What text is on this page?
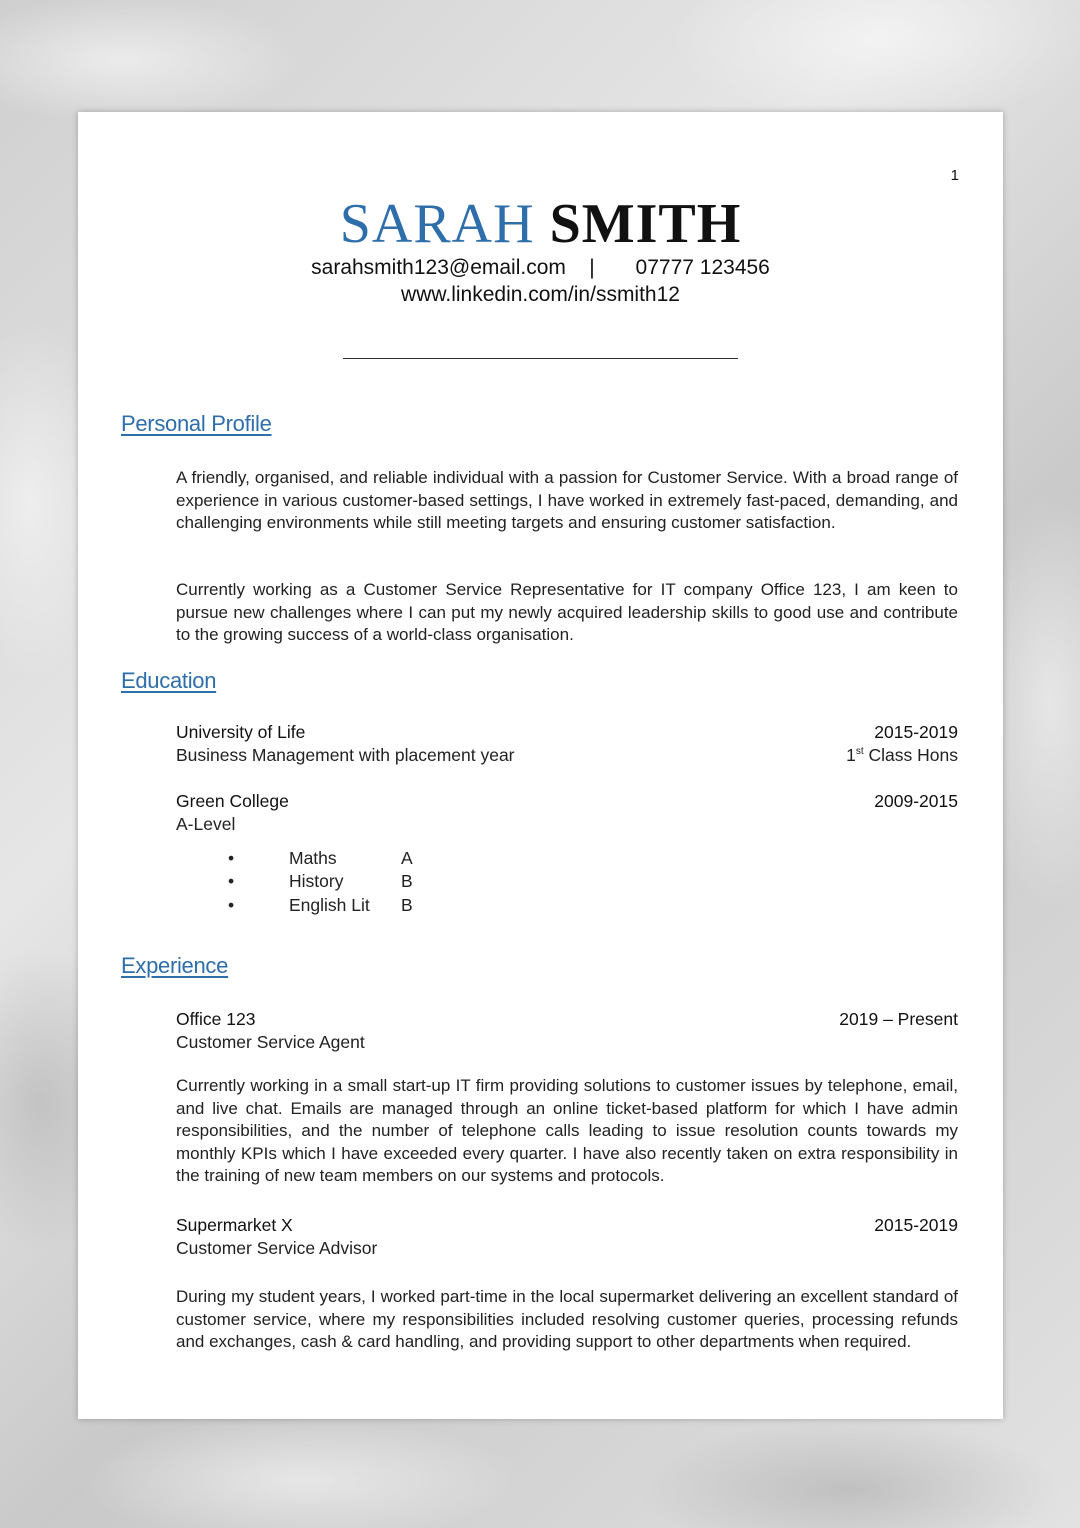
1
SARAH SMITH
sarahsmith123@email.com | 07777 123456
www.linkedin.com/in/ssmith12
Personal Profile

A friendly, organised, and reliable individual with a passion for Customer Service. With a broad range of experience in various customer-based settings, I have worked in extremely fast-paced, demanding, and challenging environments while still meeting targets and ensuring customer satisfaction.

Currently working as a Customer Service Representative for IT company Office 123, I am keen to pursue new challenges where I can put my newly acquired leadership skills to good use and contribute to the growing success of a world-class organisation.

Education
University of Life	2015-2019
Business Management with placement year	1st Class Hons
Green College	2009-2015
A-Level
•	Maths	A
•	History	B
•	English Lit B
Experience
Office 123	2019 – Present
Customer Service Agent

Currently working in a small start-up IT firm providing solutions to customer issues by telephone, email, and live chat. Emails are managed through an online ticket-based platform for which I have admin responsibilities, and the number of telephone calls leading to issue resolution counts towards my monthly KPIs which I have exceeded every quarter. I have also recently taken on extra responsibility in the training of new team members on our systems and protocols.

Supermarket X	2015-2019
Customer Service Advisor

During my student years, I worked part-time in the local supermarket delivering an excellent standard of customer service, where my responsibilities included resolving customer queries, processing refunds and exchanges, cash & card handling, and providing support to other departments when required.
